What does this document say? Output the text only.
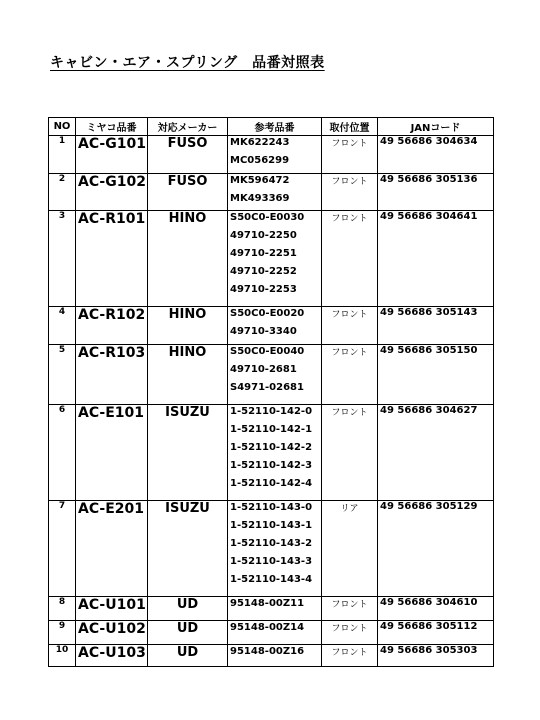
キャビン・エア・スプリング　品番対照表
NO	ミヤコ品番	対応メーカー	参考品番	取付位置	JANコード
1	AC-G101	FUSO	MK622243
MC056299	フロント	49 56686 304634
2	AC-G102	FUSO	MK596472
MK493369	フロント	49 56686 305136
3	AC-R101	HINO	S50C0-E0030
49710-2250
49710-2251
49710-2252
49710-2253	フロント	49 56686 304641
4	AC-R102	HINO	S50C0-E0020
49710-3340	フロント	49 56686 305143
5	AC-R103	HINO	S50C0-E0040
49710-2681
S4971-02681	フロント	49 56686 305150
6	AC-E101	ISUZU	1-52110-142-0
1-52110-142-1
1-52110-142-2
1-52110-142-3
1-52110-142-4	フロント	49 56686 304627
7	AC-E201	ISUZU	1-52110-143-0
1-52110-143-1
1-52110-143-2
1-52110-143-3
1-52110-143-4	リア	49 56686 305129
8	AC-U101	UD	95148-00Z11	フロント	49 56686 304610
9	AC-U102	UD	95148-00Z14	フロント	49 56686 305112
10	AC-U103	UD	95148-00Z16	フロント	49 56686 305303
